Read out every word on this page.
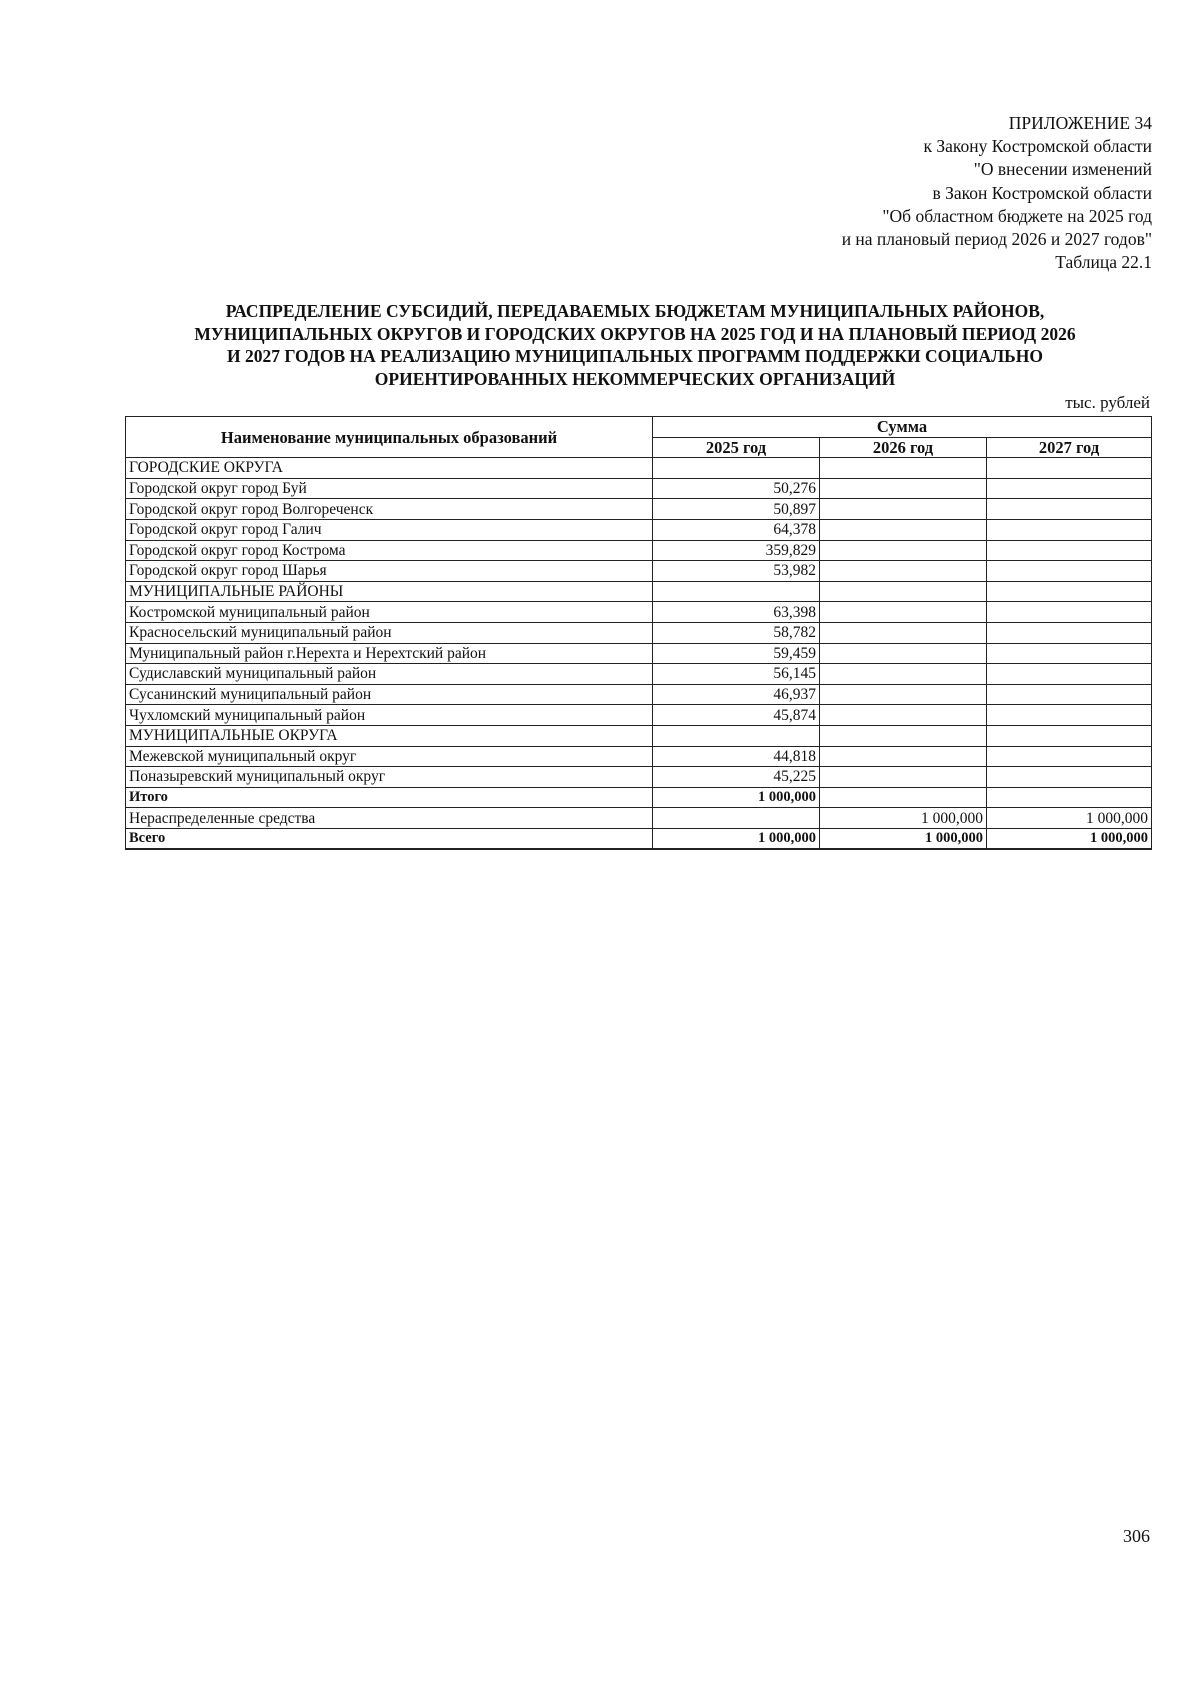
ПРИЛОЖЕНИЕ 34
к Закону Костромской области
"О внесении изменений
в Закон Костромской области
"Об областном бюджете на 2025 год
и на плановый период 2026 и 2027 годов"
Таблица 22.1
РАСПРЕДЕЛЕНИЕ СУБСИДИЙ, ПЕРЕДАВАЕМЫХ БЮДЖЕТАМ МУНИЦИПАЛЬНЫХ РАЙОНОВ,
МУНИЦИПАЛЬНЫХ ОКРУГОВ И ГОРОДСКИХ ОКРУГОВ НА 2025 ГОД И НА ПЛАНОВЫЙ ПЕРИОД 2026
И 2027 ГОДОВ НА РЕАЛИЗАЦИЮ МУНИЦИПАЛЬНЫХ ПРОГРАММ ПОДДЕРЖКИ СОЦИАЛЬНО
ОРИЕНТИРОВАННЫХ НЕКОММЕРЧЕСКИХ ОРГАНИЗАЦИЙ
тыс. рублей
Наименование муниципальных образований	Сумма		
	2025 год	2026 год	2027 год
ГОРОДСКИЕ ОКРУГА			
Городской округ город Буй	50,276		
Городской округ город Волгореченск	50,897		
Городской округ город Галич	64,378		
Городской округ город Кострома	359,829		
Городской округ город Шарья	53,982		
МУНИЦИПАЛЬНЫЕ РАЙОНЫ			
Костромской муниципальный район	63,398		
Красносельский муниципальный район	58,782		
Муниципальный район г.Нерехта и Нерехтский район	59,459		
Судиславский муниципальный район	56,145		
Сусанинский муниципальный район	46,937		
Чухломский муниципальный район	45,874		
МУНИЦИПАЛЬНЫЕ ОКРУГА			
Межевской муниципальный округ	44,818		
Поназыревский муниципальный округ	45,225		
Итого	1 000,000		
Нераспределенные средства		1 000,000	1 000,000
Всего	1 000,000	1 000,000	1 000,000
306
